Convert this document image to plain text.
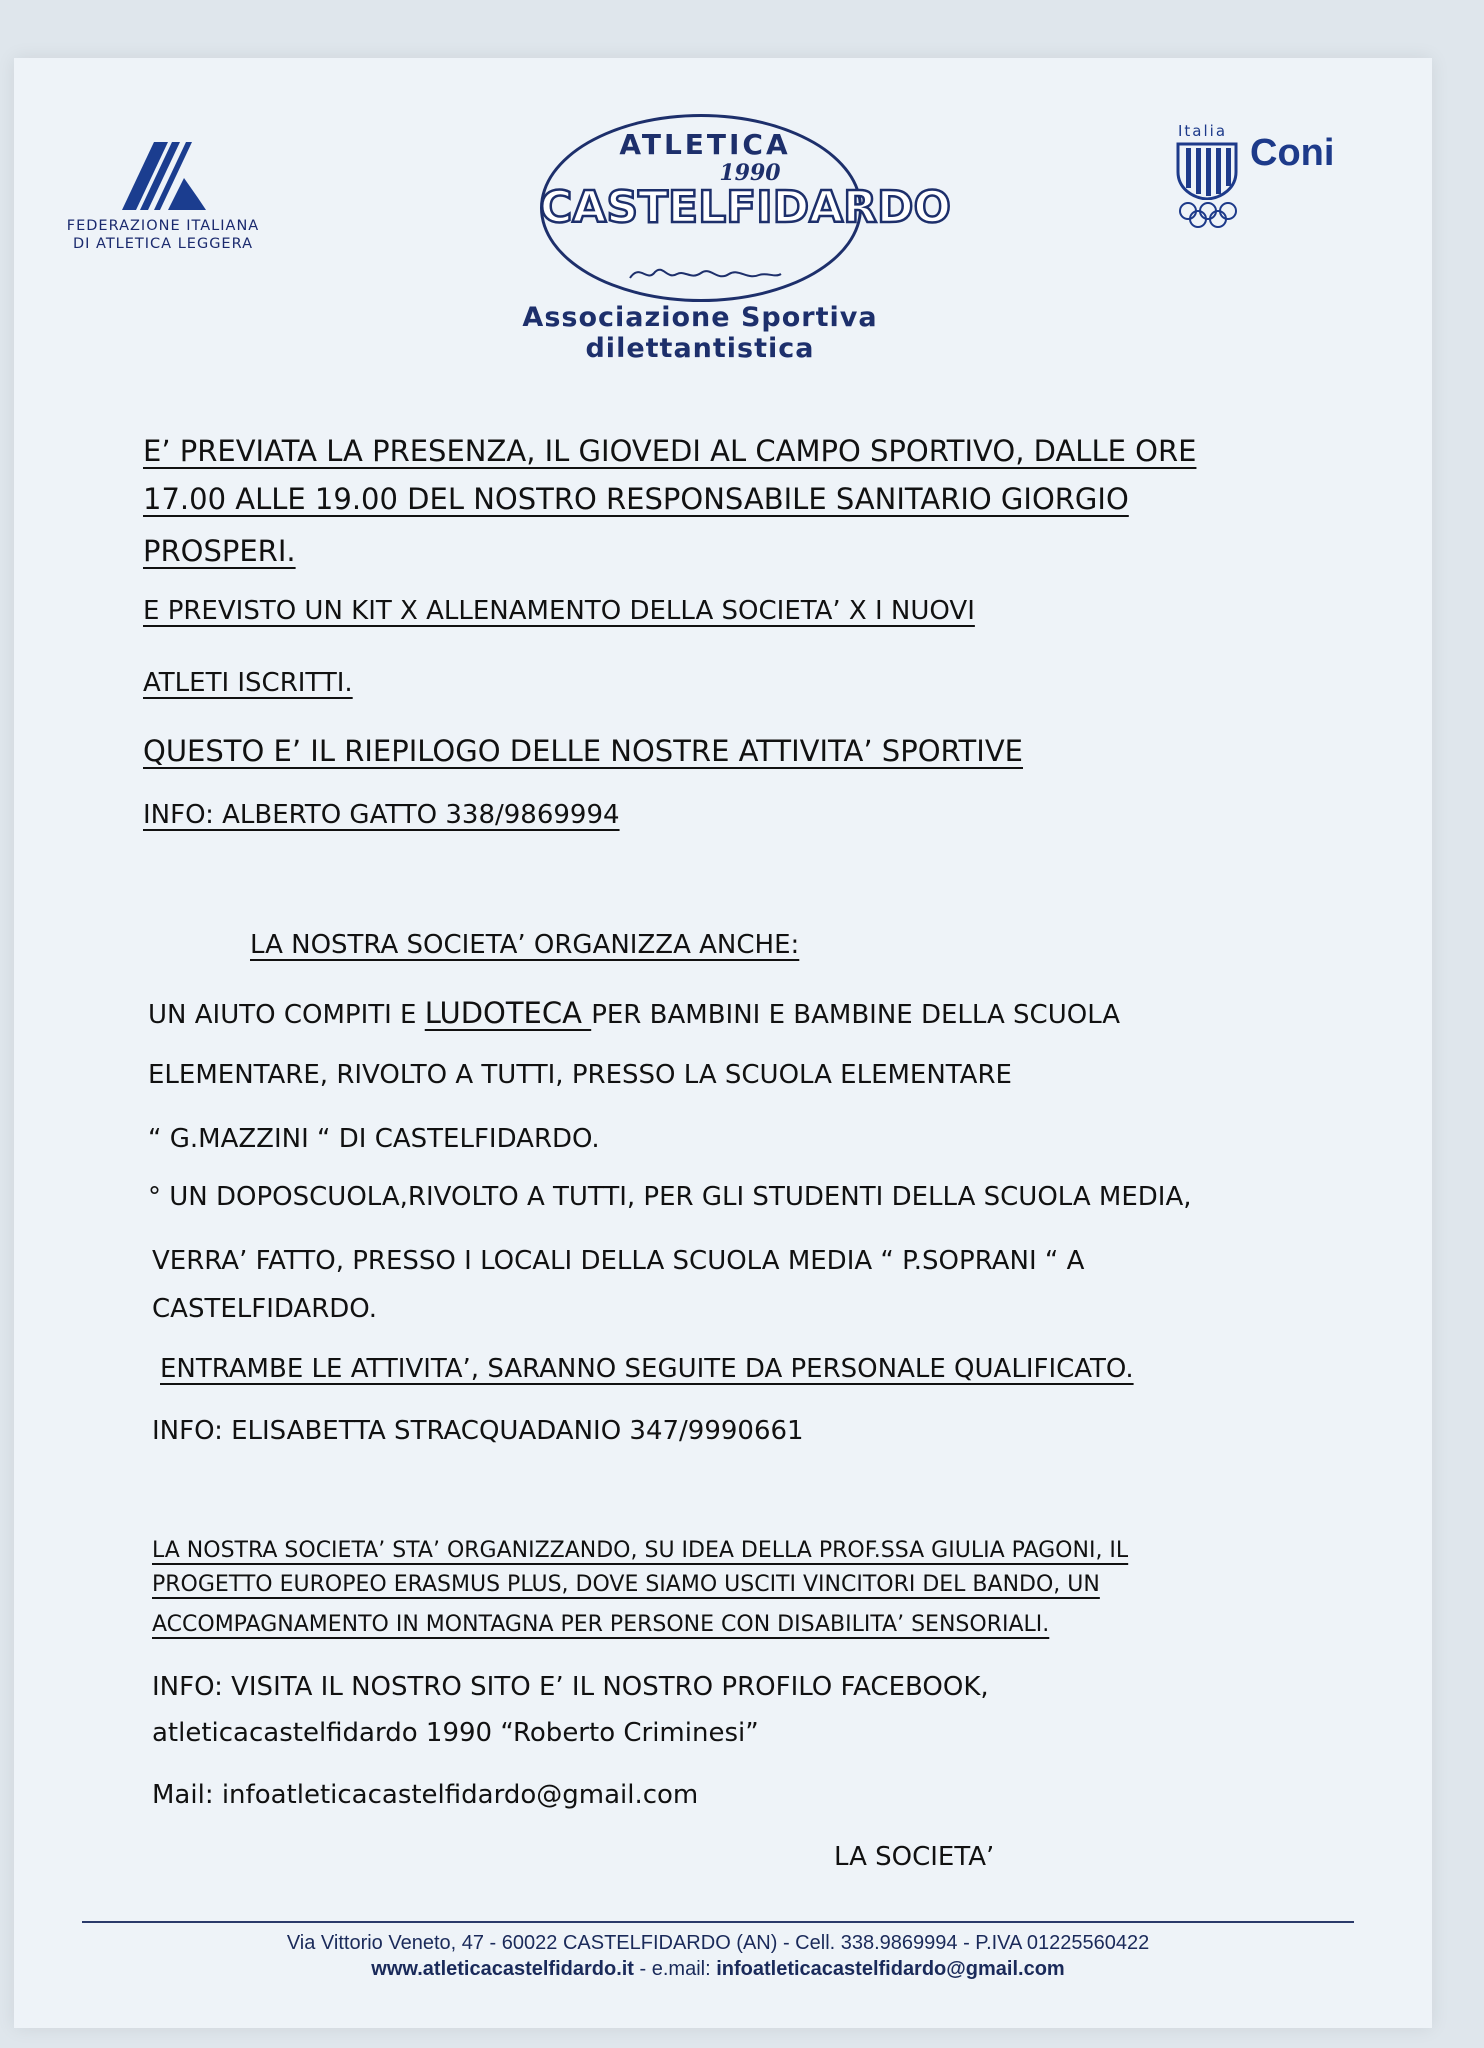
FEDERAZIONE ITALIANA
DI ATLETICA LEGGERA
ATLETICA
1990
CASTELFIDARDO
Associazione Sportiva dilettantistica
Italia
Coni
E’ PREVIATA LA PRESENZA, IL GIOVEDI AL CAMPO SPORTIVO, DALLE ORE
17.00 ALLE 19.00 DEL NOSTRO RESPONSABILE SANITARIO GIORGIO
PROSPERI.
E PREVISTO UN KIT X ALLENAMENTO DELLA SOCIETA’ X I NUOVI
ATLETI ISCRITTI.
QUESTO E’ IL RIEPILOGO DELLE NOSTRE ATTIVITA’ SPORTIVE
INFO: ALBERTO GATTO 338/9869994
LA NOSTRA SOCIETA’ ORGANIZZA ANCHE:
UN AIUTO COMPITI E LUDOTECA PER BAMBINI E BAMBINE DELLA SCUOLA
ELEMENTARE, RIVOLTO A TUTTI, PRESSO LA SCUOLA ELEMENTARE
“ G.MAZZINI “ DI CASTELFIDARDO.
° UN DOPOSCUOLA,RIVOLTO A TUTTI, PER GLI STUDENTI DELLA SCUOLA MEDIA,
VERRA’ FATTO, PRESSO I LOCALI DELLA SCUOLA MEDIA “ P.SOPRANI “ A
CASTELFIDARDO.
ENTRAMBE LE ATTIVITA’, SARANNO SEGUITE DA PERSONALE QUALIFICATO.
INFO: ELISABETTA STRACQUADANIO 347/9990661
LA NOSTRA SOCIETA’ STA’ ORGANIZZANDO, SU IDEA DELLA PROF.SSA GIULIA PAGONI, IL
PROGETTO EUROPEO ERASMUS PLUS, DOVE SIAMO USCITI VINCITORI DEL BANDO, UN
ACCOMPAGNAMENTO IN MONTAGNA PER PERSONE CON DISABILITA’ SENSORIALI.
INFO: VISITA IL NOSTRO SITO E’ IL NOSTRO PROFILO FACEBOOK,
atleticacastelfidardo 1990 “Roberto Criminesi”
Mail: infoatleticacastelfidardo@gmail.com
LA SOCIETA’
Via Vittorio Veneto, 47 - 60022 CASTELFIDARDO (AN) - Cell. 338.9869994 - P.IVA 01225560422
www.atleticacastelfidardo.it - e.mail: infoatleticacastelfidardo@gmail.com
